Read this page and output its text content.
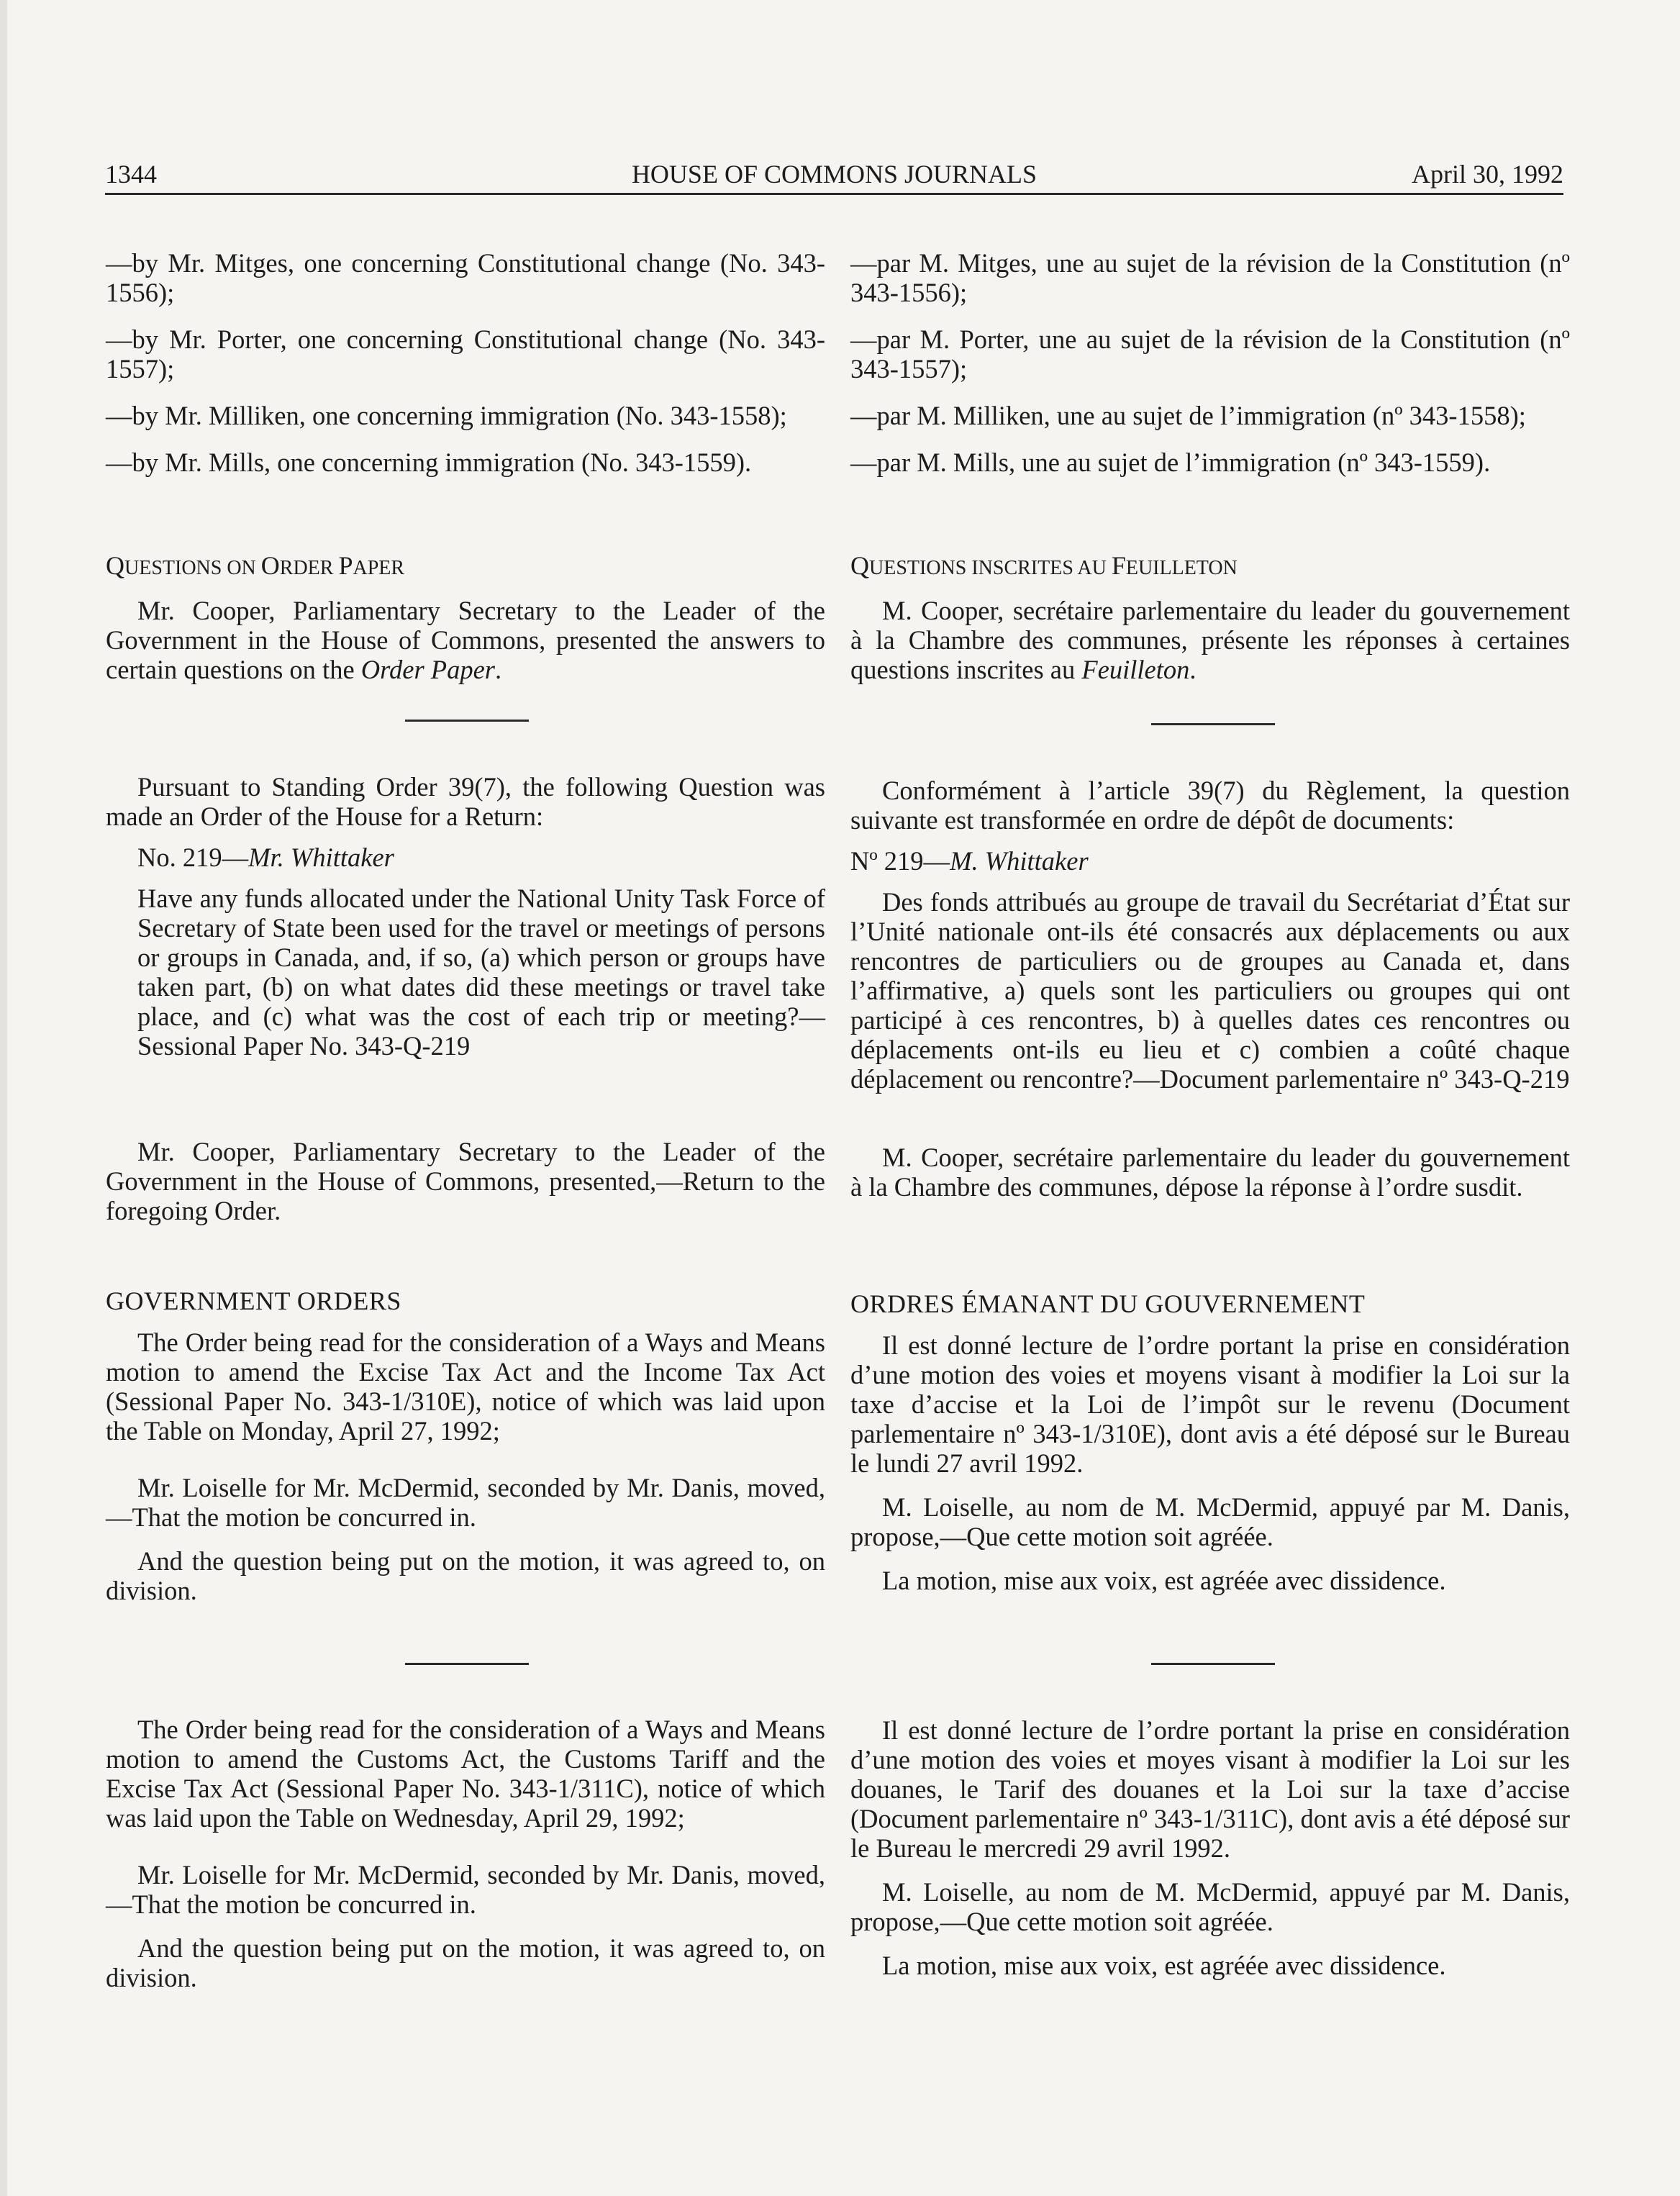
1344	HOUSE OF COMMONS JOURNALS	April 30, 1992

—by Mr. Mitges, one concerning Constitutional change (No. 343-1556);

—by Mr. Porter, one concerning Constitutional change (No. 343-1557);

—by Mr. Milliken, one concerning immigration (No. 343-1558);

—by Mr. Mills, one concerning immigration (No. 343-1559).

QUESTIONS ON ORDER PAPER

Mr. Cooper, Parliamentary Secretary to the Leader of the Government in the House of Commons, presented the answers to certain questions on the Order Paper.

Pursuant to Standing Order 39(7), the following Question was made an Order of the House for a Return:

No. 219—Mr. Whittaker

Have any funds allocated under the National Unity Task Force of Secretary of State been used for the travel or meetings of persons or groups in Canada, and, if so, (a) which person or groups have taken part, (b) on what dates did these meetings or travel take place, and (c) what was the cost of each trip or meeting?—Sessional Paper No. 343-Q-219

Mr. Cooper, Parliamentary Secretary to the Leader of the Government in the House of Commons, presented,—Return to the foregoing Order.

GOVERNMENT ORDERS

The Order being read for the consideration of a Ways and Means motion to amend the Excise Tax Act and the Income Tax Act (Sessional Paper No. 343-1/310E), notice of which was laid upon the Table on Monday, April 27, 1992;

Mr. Loiselle for Mr. McDermid, seconded by Mr. Danis, moved,—That the motion be concurred in.

And the question being put on the motion, it was agreed to, on division.

The Order being read for the consideration of a Ways and Means motion to amend the Customs Act, the Customs Tariff and the Excise Tax Act (Sessional Paper No. 343-1/311C), notice of which was laid upon the Table on Wednesday, April 29, 1992;

Mr. Loiselle for Mr. McDermid, seconded by Mr. Danis, moved,—That the motion be concurred in.

And the question being put on the motion, it was agreed to, on division.

—par M. Mitges, une au sujet de la révision de la Constitution (nº 343-1556);

—par M. Porter, une au sujet de la révision de la Constitution (nº 343-1557);

—par M. Milliken, une au sujet de l’immigration (nº 343-1558);

—par M. Mills, une au sujet de l’immigration (nº 343-1559).

QUESTIONS INSCRITES AU FEUILLETON

M. Cooper, secrétaire parlementaire du leader du gouvernement à la Chambre des communes, présente les réponses à certaines questions inscrites au Feuilleton.

Conformément à l’article 39(7) du Règlement, la question suivante est transformée en ordre de dépôt de documents:

Nº 219—M. Whittaker

Des fonds attribués au groupe de travail du Secrétariat d’État sur l’Unité nationale ont-ils été consacrés aux déplacements ou aux rencontres de particuliers ou de groupes au Canada et, dans l’affirmative, a) quels sont les particuliers ou groupes qui ont participé à ces rencontres, b) à quelles dates ces rencontres ou déplacements ont-ils eu lieu et c) combien a coûté chaque déplacement ou rencontre?—Document parlementaire nº 343-Q-219

M. Cooper, secrétaire parlementaire du leader du gouvernement à la Chambre des communes, dépose la réponse à l’ordre susdit.

ORDRES ÉMANANT DU GOUVERNEMENT

Il est donné lecture de l’ordre portant la prise en considération d’une motion des voies et moyens visant à modifier la Loi sur la taxe d’accise et la Loi de l’impôt sur le revenu (Document parlementaire nº 343-1/310E), dont avis a été déposé sur le Bureau le lundi 27 avril 1992.

M. Loiselle, au nom de M. McDermid, appuyé par M. Danis, propose,—Que cette motion soit agréée.

La motion, mise aux voix, est agréée avec dissidence.

Il est donné lecture de l’ordre portant la prise en considération d’une motion des voies et moyes visant à modifier la Loi sur les douanes, le Tarif des douanes et la Loi sur la taxe d’accise (Document parlementaire nº 343-1/311C), dont avis a été déposé sur le Bureau le mercredi 29 avril 1992.

M. Loiselle, au nom de M. McDermid, appuyé par M. Danis, propose,—Que cette motion soit agréée.

La motion, mise aux voix, est agréée avec dissidence.
